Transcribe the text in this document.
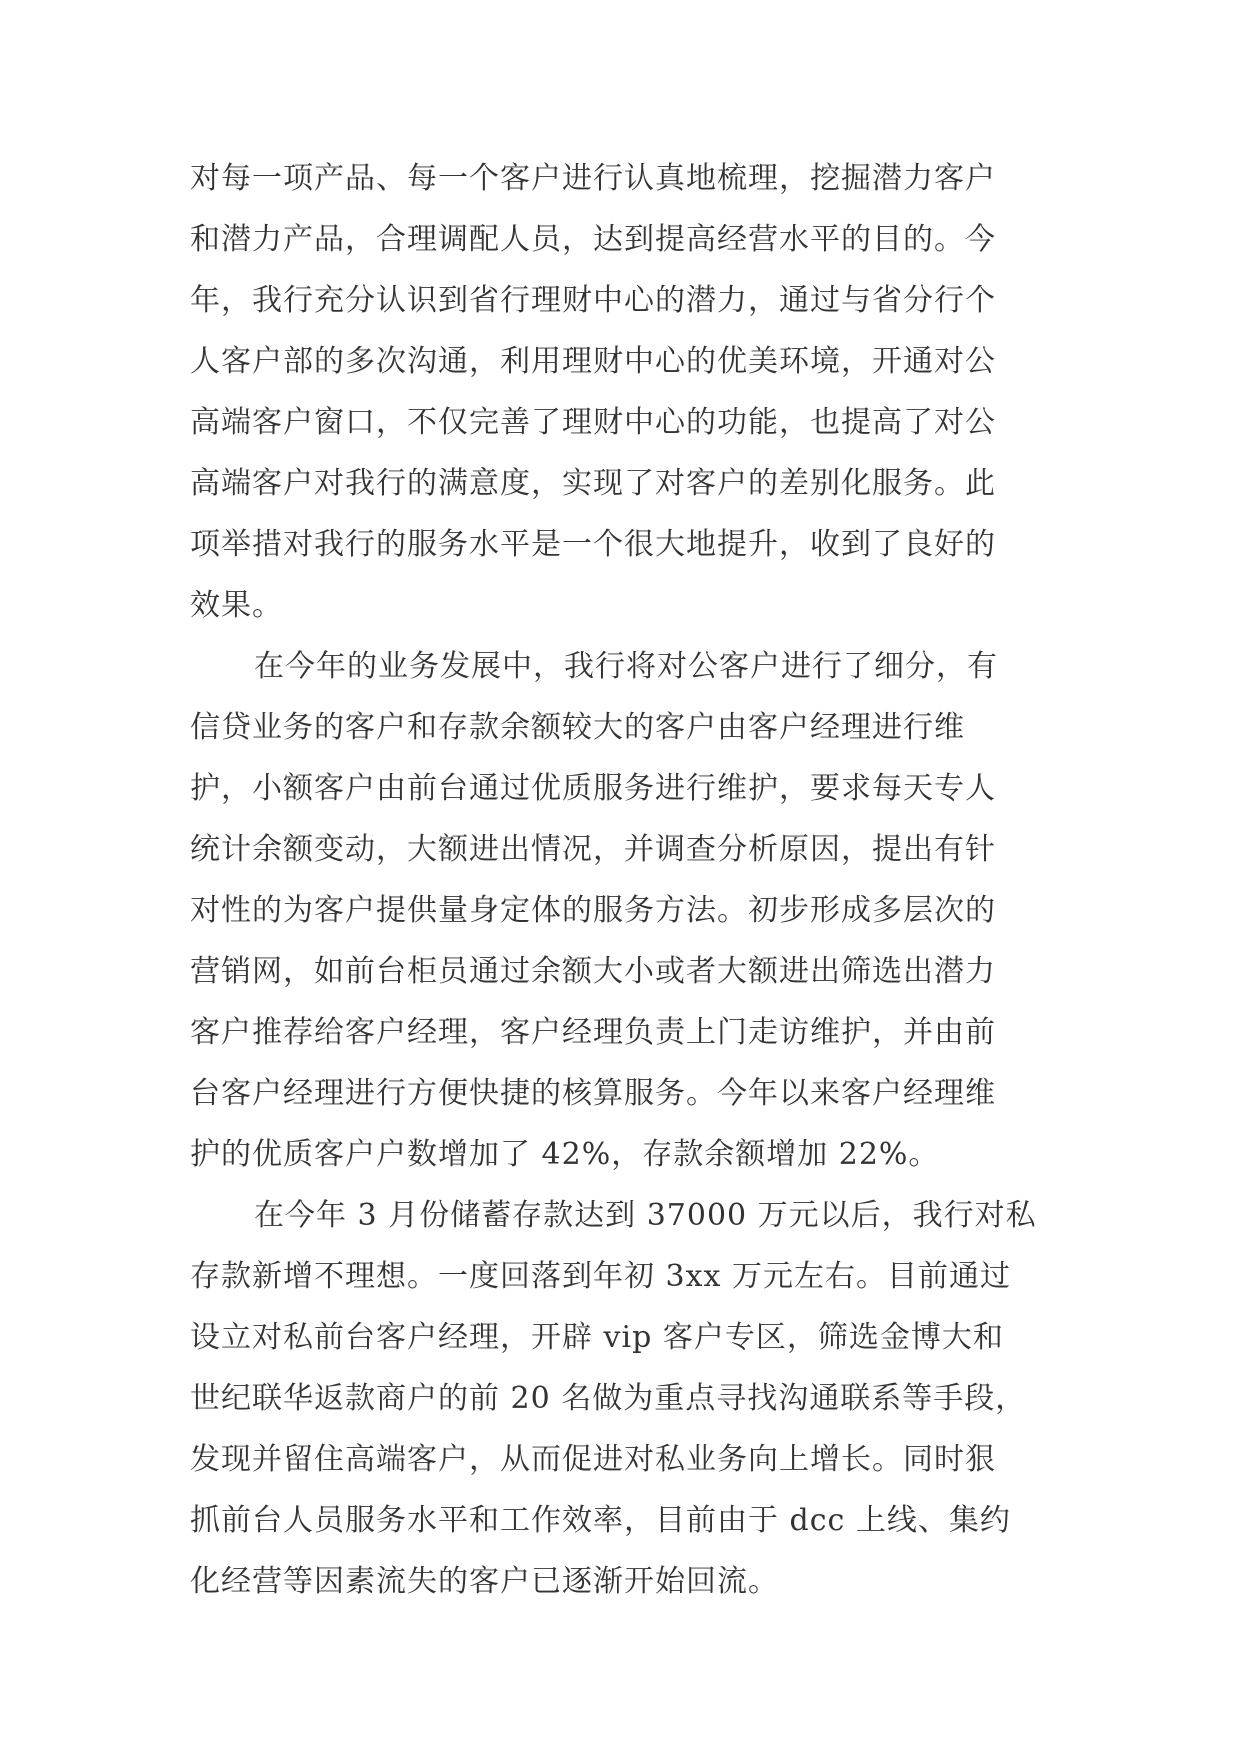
对每一项产品、每一个客户进行认真地梳理，挖掘潜力客户
和潜力产品，合理调配人员，达到提高经营水平的目的。今
年，我行充分认识到省行理财中心的潜力，通过与省分行个
人客户部的多次沟通，利用理财中心的优美环境，开通对公
高端客户窗口，不仅完善了理财中心的功能，也提高了对公
高端客户对我行的满意度，实现了对客户的差别化服务。此
项举措对我行的服务水平是一个很大地提升，收到了良好的
效果。
在今年的业务发展中，我行将对公客户进行了细分，有
信贷业务的客户和存款余额较大的客户由客户经理进行维
护，小额客户由前台通过优质服务进行维护，要求每天专人
统计余额变动，大额进出情况，并调查分析原因，提出有针
对性的为客户提供量身定体的服务方法。初步形成多层次的
营销网，如前台柜员通过余额大小或者大额进出筛选出潜力
客户推荐给客户经理，客户经理负责上门走访维护，并由前
台客户经理进行方便快捷的核算服务。今年以来客户经理维
护的优质客户户数增加了 42%，存款余额增加 22%。
在今年 3 月份储蓄存款达到 37000 万元以后，我行对私
存款新增不理想。一度回落到年初 3xx 万元左右。目前通过
设立对私前台客户经理，开辟 vip 客户专区，筛选金博大和
世纪联华返款商户的前 20 名做为重点寻找沟通联系等手段，
发现并留住高端客户，从而促进对私业务向上增长。同时狠
抓前台人员服务水平和工作效率，目前由于 dcc 上线、集约
化经营等因素流失的客户已逐渐开始回流。
